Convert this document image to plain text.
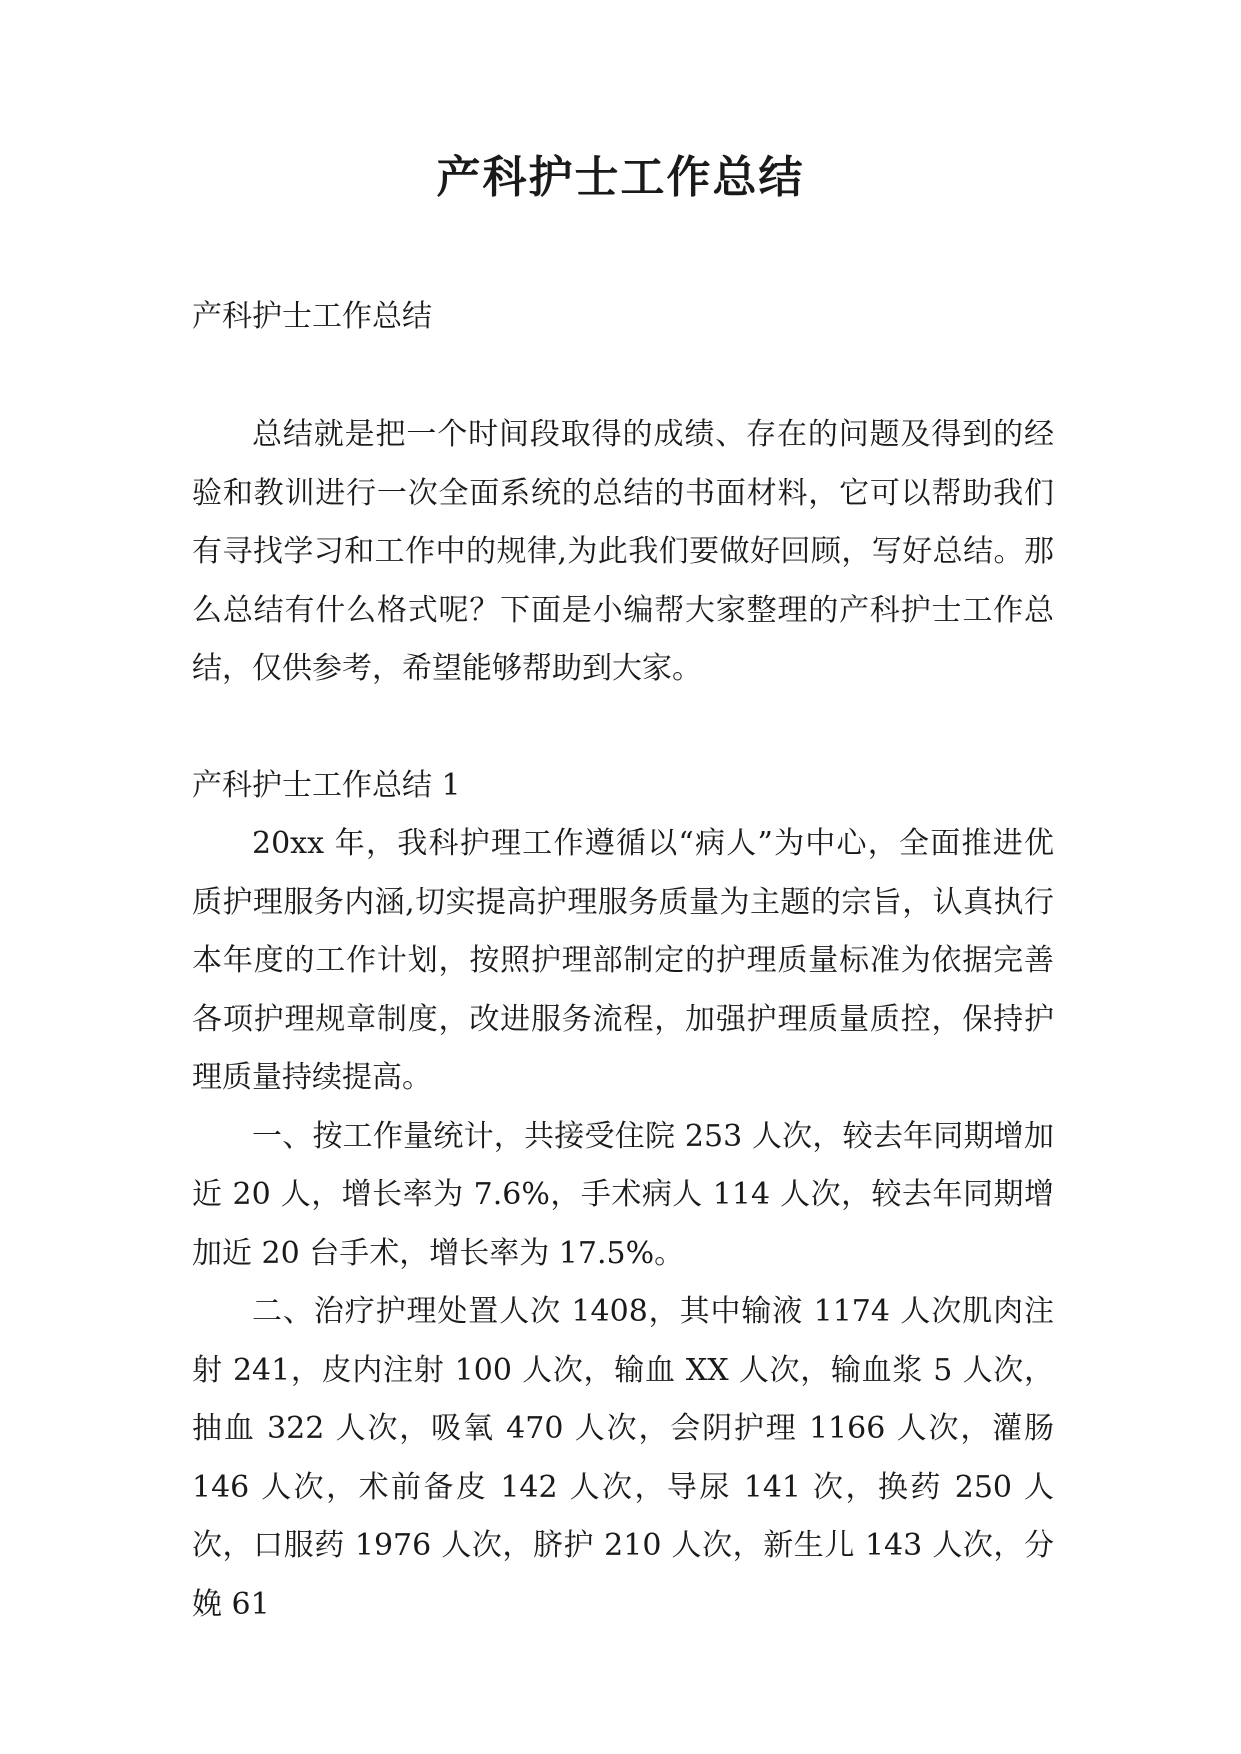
产科护士工作总结

产科护士工作总结

总结就是把一个时间段取得的成绩、存在的问题及得到的经验和教训进行一次全面系统的总结的书面材料，它可以帮助我们有寻找学习和工作中的规律,为此我们要做好回顾，写好总结。那么总结有什么格式呢？下面是小编帮大家整理的产科护士工作总结，仅供参考，希望能够帮助到大家。

产科护士工作总结 1

20xx 年，我科护理工作遵循以“病人”为中心，全面推进优质护理服务内涵,切实提高护理服务质量为主题的宗旨，认真执行本年度的工作计划，按照护理部制定的护理质量标准为依据完善各项护理规章制度，改进服务流程，加强护理质量质控，保持护理质量持续提高。

一、按工作量统计，共接受住院 253 人次，较去年同期增加近 20 人，增长率为 7.6%，手术病人 114 人次，较去年同期增加近 20 台手术，增长率为 17.5%。

二、治疗护理处置人次 1408，其中输液 1174 人次肌肉注射 241，皮内注射 100 人次，输血 XX 人次，输血浆 5 人次，抽血 322 人次，吸氧 470 人次，会阴护理 1166 人次，灌肠 146 人次，术前备皮 142 人次，导尿 141 次，换药 250 人次，口服药 1976 人次，脐护 210 人次，新生儿 143 人次，分娩 61
